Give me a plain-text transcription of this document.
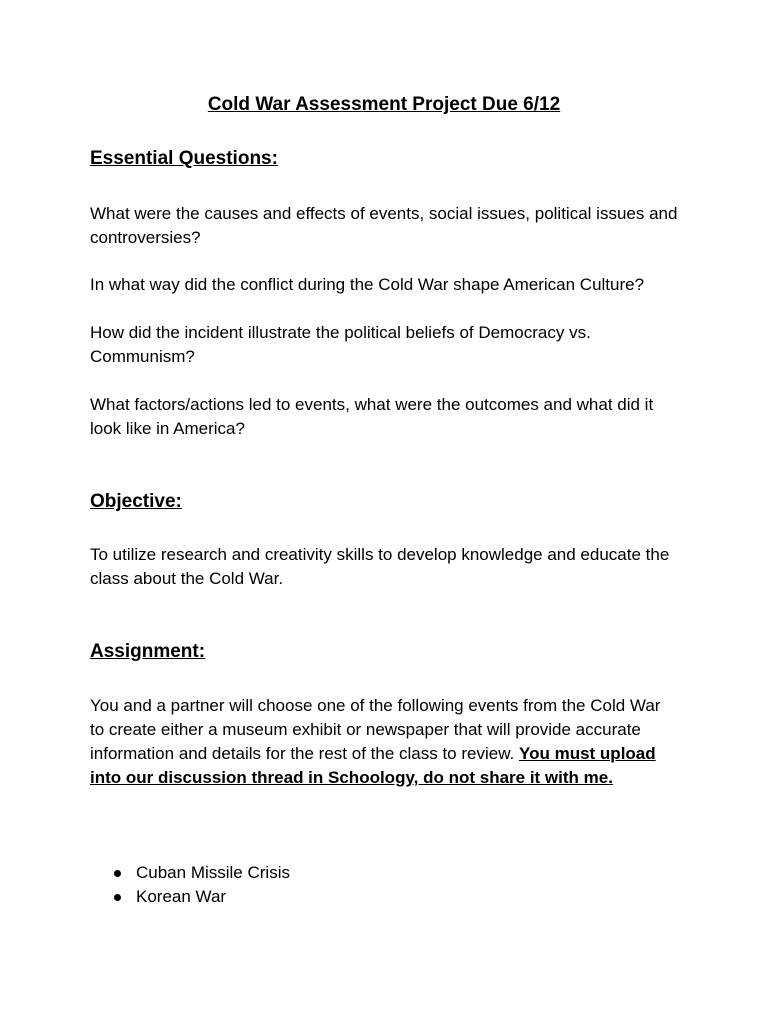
Cold War Assessment Project Due 6/12
Essential Questions:

What were the causes and effects of events, social issues, political issues and controversies?

In what way did the conflict during the Cold War shape American Culture?

How did the incident illustrate the political beliefs of Democracy vs. Communism?

What factors/actions led to events, what were the outcomes and what did it look like in America?

Objective:

To utilize research and creativity skills to develop knowledge and educate the class about the Cold War.

Assignment:

You and a partner will choose one of the following events from the Cold War to create either a museum exhibit or newspaper that will provide accurate information and details for the rest of the class to review. You must upload into our discussion thread in Schoology, do not share it with me.

Cuban Missile Crisis
Korean War
